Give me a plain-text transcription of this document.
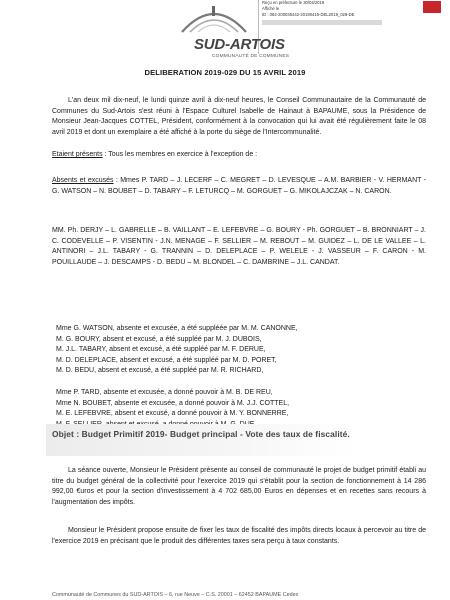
Reçu en préfecture le 30/04/2019
Affiché le
ID : 062-200035442-20190415-DEL2019_029-DE
SUD-ARTOIS
COMMUNAUTÉ DE COMMUNES
DELIBERATION 2019-029 DU 15 AVRIL 2019
L'an deux mil dix-neuf, le lundi quinze avril à dix-neuf heures, le Conseil Communautaire de la Communauté de Communes du Sud-Artois s'est réuni à l'Espace Culturel Isabelle de Hainaut à BAPAUME, sous la Présidence de Monsieur Jean-Jacques COTTEL, Président, conformément à la convocation qui lui avait été régulièrement faite le 08 avril 2019 et dont un exemplaire a été affiché à la porte du siège de l'Intercommunalité.
Etaient présents : Tous les membres en exercice à l'exception de :
Absents et excusés : Mmes P. TARD – J. LECERF – C. MEGRET – D. LEVESQUE – A.M. BARBIER - V. HERMANT - G. WATSON – N. BOUBET – D. TABARY – F. LETURCQ – M. GORGUET – G. MIKOLAJCZAK – N. CARON.
MM. Ph. DERJY – L. GABRELLE – B. VAILLANT – E. LEFEBVRE – G. BOURY - Ph. GORGUET – B. BRONNIART – J. C. CODEVELLE – P. VISENTIN - J.N. MENAGE – F. SELLIER – M. REBOUT – M. GUIDEZ – L. DE LE VALLEE – L. ANTINORI – J.L. TABARY - G. TRANNIN – D. DELEPLACE – P. WELELE - J. VASSEUR – F. CARON - M. POUILLAUDE – J. DESCAMPS - D. BEDU – M. BLONDEL – C. DAMBRINE – J.L. CANDAT.
Mme G. WATSON, absente et excusée, a été suppléée par M. M. CANONNE,
M. G. BOURY, absent et excusé, a été suppléé par M. J. DUBOIS,
M. J.L. TABARY, absent et excusé, a été suppléé par M. F. DERUE,
M. D. DELEPLACE, absent et excusé, a été suppléé par M. D. PORET,
M. D. BEDU, absent et excusé, a été suppléé par M. R. RICHARD,
Mme P. TARD, absente et excusée, a donné pouvoir à M. B. DE REU,
Mme N. BOUBET, absente et excusée, a donné pouvoir à M. J.J. COTTEL,
M. E. LEFEBVRE, absent et excusé, a donné pouvoir à M. Y. BONNERRE,
Objet : Budget Primitif 2019- Budget principal - Vote des taux de fiscalité.
La séance ouverte, Monsieur le Président présente au conseil de communauté le projet de budget primitif établi au titre du budget général de la collectivité pour l'exercice 2019 qui s'établit pour la section de fonctionnement à 14 286 992,00 €uros et pour la section d'investissement à 4 702 685,00 Euros en dépenses et en recettes sans recours à l'augmentation des impôts.
Monsieur le Président propose ensuite de fixer les taux de fiscalité des impôts directs locaux à percevoir au titre de l'exercice 2019 en précisant que le produit des différentes taxes sera perçu à taux constants.
Communauté de Communes du SUD-ARTOIS – 6, rue Neuve – C.S. 20001 – 62452 BAPAUME Cedex
